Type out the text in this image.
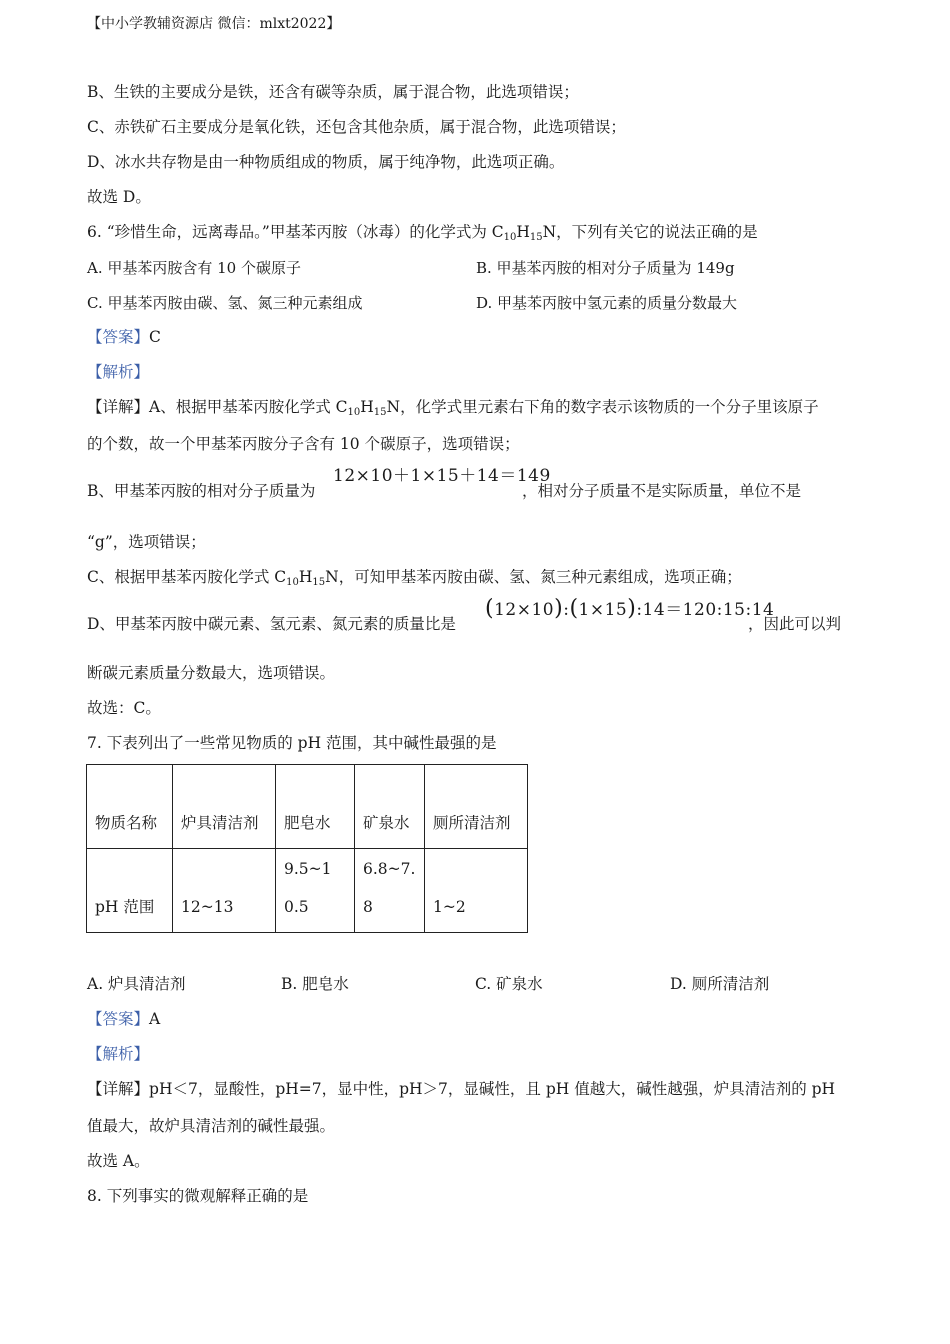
【中小学教辅资源店 微信：mlxt2022】
B、生铁的主要成分是铁，还含有碳等杂质，属于混合物，此选项错误；
C、赤铁矿石主要成分是氧化铁，还包含其他杂质，属于混合物，此选项错误；
D、冰水共存物是由一种物质组成的物质，属于纯净物，此选项正确。
故选 D。
6. “珍惜生命，远离毒品。”甲基苯丙胺（冰毒）的化学式为 $C_{10}H_{15}N$，下列有关它的说法正确的是
A. 甲基苯丙胺含有 10 个碳原子	B. 甲基苯丙胺的相对分子质量为 149g
C. 甲基苯丙胺由碳、氢、氮三种元素组成	D. 甲基苯丙胺中氢元素的质量分数最大
【答案】C
【解析】
【详解】A、根据甲基苯丙胺化学式 $C_{10}H_{15}N$，化学式里元素右下角的数字表示该物质的一个分子里该原子
的个数，故一个甲基苯丙胺分子含有 10 个碳原子，选项错误；
B、甲基苯丙胺的相对分子质量为
12×10＋1×15＋14＝149
，相对分子质量不是实际质量，单位不是
“g”，选项错误；
C、根据甲基苯丙胺化学式 $C_{10}H_{15}N$，可知甲基苯丙胺由碳、氢、氮三种元素组成，选项正确；
D、甲基苯丙胺中碳元素、氢元素、氮元素的质量比是
(12×10):(1×15):14＝120:15:14
，因此可以判
断碳元素质量分数最大，选项错误。
故选：C。
7. 下表列出了一些常见物质的 pH 范围，其中碱性最强的是
物质名称	炉具清洁剂	肥皂水	矿泉水	厕所清洁剂

pH 范围	12~13	9.5~10.5	6.8~7.8	1~2
A. 炉具清洁剂	B. 肥皂水	C. 矿泉水	D. 厕所清洁剂
【答案】A
【解析】
【详解】pH＜7，显酸性，pH=7，显中性，pH＞7，显碱性，且 pH 值越大，碱性越强，炉具清洁剂的 pH
值最大，故炉具清洁剂的碱性最强。
故选 A。
8. 下列事实的微观解释正确的是
